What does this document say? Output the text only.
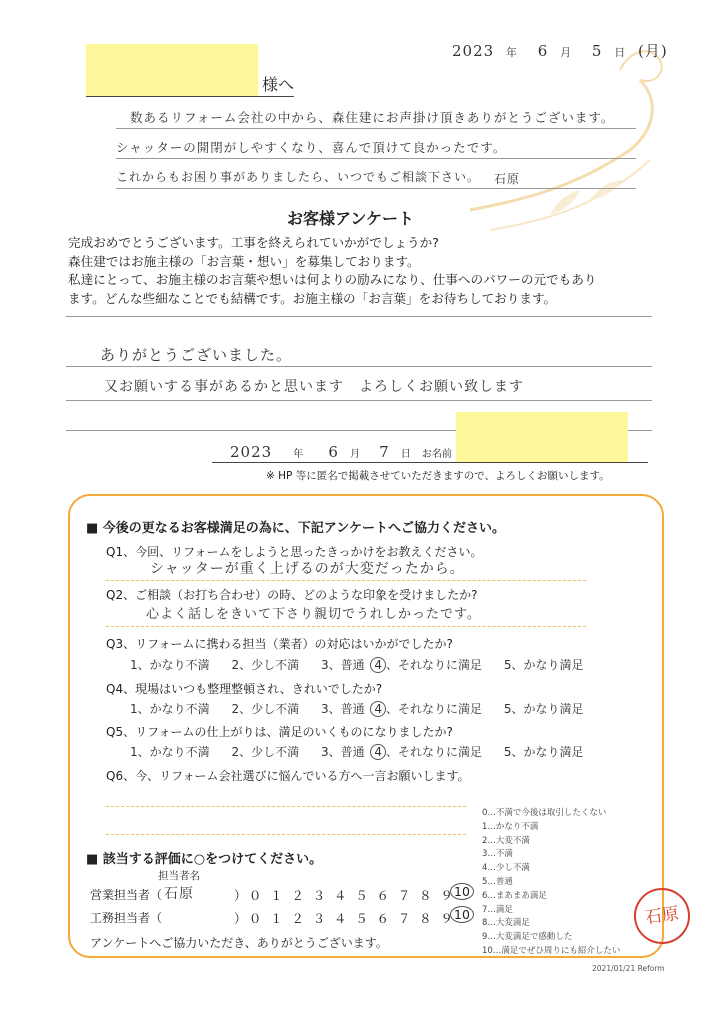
様へ
2023 年 6 月 5 日 (月)
数あるリフォーム会社の中から、森住建にお声掛け頂きありがとうございます。
シャッターの開閉がしやすくなり、喜んで頂けて良かったです。
これからもお困り事がありましたら、いつでもご相談下さい。 石原
お客様アンケート
完成おめでとうございます。工事を終えられていかがでしょうか?
森住建ではお施主様の「お言葉・想い」を募集しております。
私達にとって、お施主様のお言葉や想いは何よりの励みになり、仕事へのパワーの元でもあり
ます。どんな些細なことでも結構です。お施主様の「お言葉」をお待ちしております。
ありがとうございました。
又お願いする事があるかと思います　よろしくお願い致します
2023 年 6 月 7 日 お名前
※ HP 等に匿名で掲載させていただきますので、よろしくお願いします。
■ 今後の更なるお客様満足の為に、下記アンケートへご協力ください。
Q1、今回、リフォームをしようと思ったきっかけをお教えください。
シャッターが重く上げるのが大変だったから。
Q2、ご相談（お打ち合わせ）の時、どのような印象を受けましたか?
心よく話しをきいて下さり親切でうれしかったです。
Q3、リフォームに携わる担当（業者）の対応はいかがでしたか?
1、かなり不満 2、少し不満 3、普通 4 、それなりに満足 5、かなり満足
Q4、現場はいつも整理整頓され、きれいでしたか?
1、かなり不満 2、少し不満 3、普通 4 、それなりに満足 5、かなり満足
Q5、リフォームの仕上がりは、満足のいくものになりましたか?
1、かなり不満 2、少し不満 3、普通 4 、それなりに満足 5、かなり満足
Q6、今、リフォーム会社選びに悩んでいる方へ一言お願いします。
■ 該当する評価に○をつけてください。
担当者名
営業担当者（ 石原	）０ １ ２ ３ ４ ５ ６ ７ ８ ９
10
工務担当者（	）０ １ ２ ３ ４ ５ ６ ７ ８ ９
10
アンケートへご協力いただき、ありがとうございます。
0…不満で今後は取引したくない
1…かなり不満
2…大変不満
3…不満
4…少し不満
5…普通
6…まあまあ満足
7…満足
8…大変満足
9…大変満足で感動した
10…満足でぜひ周りにも紹介したい
石原
2021/01/21 Reform
